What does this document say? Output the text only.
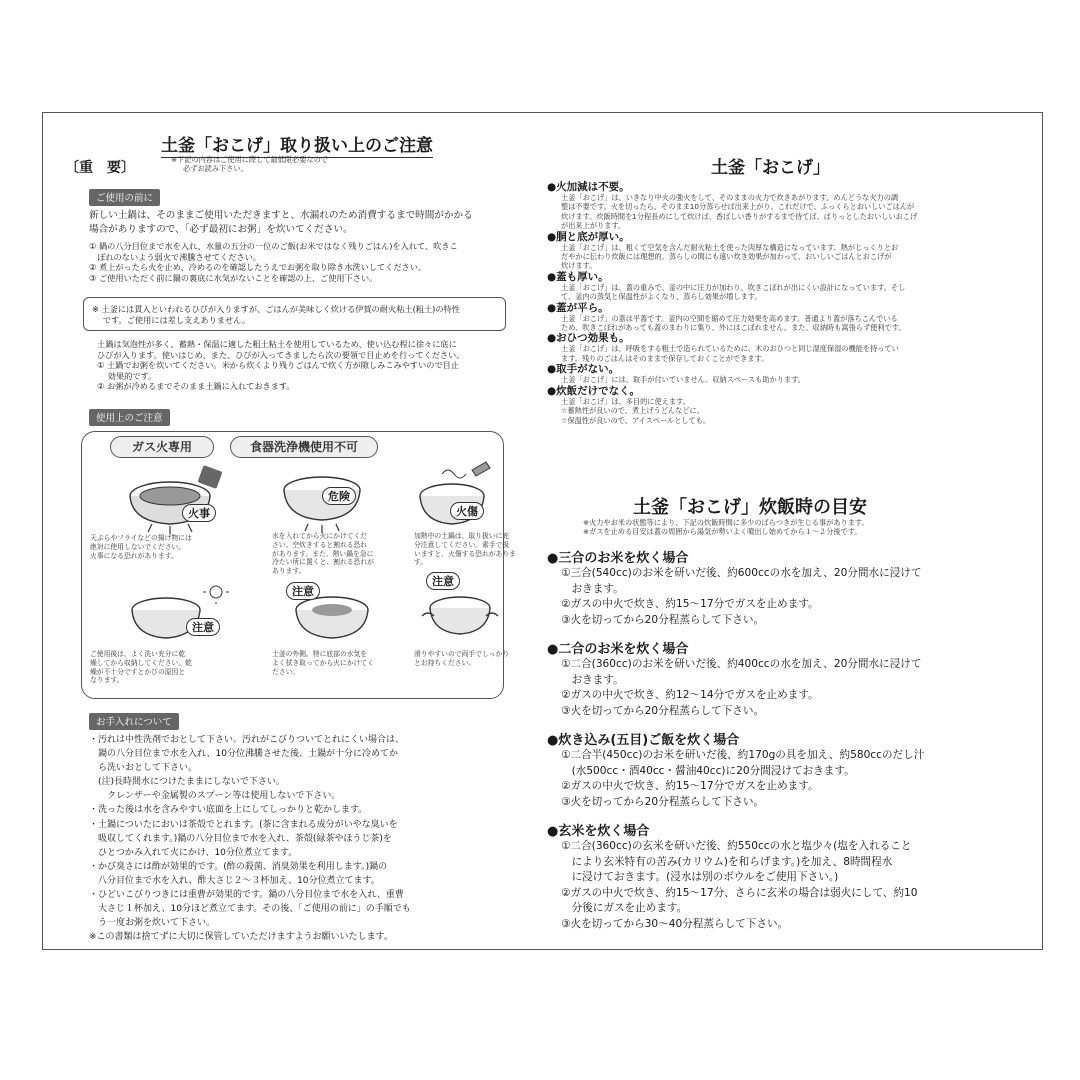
土釜「おこげ」取り扱い上のご注意
〔重　要〕
※下記の内容はご使用に際して最低限必要なので
必ずお読み下さい。
ご使用の前に
新しい土鍋は、そのままご使用いただきますと、水漏れのため消費するまで時間がかかる
場合がありますので、「必ず最初にお粥」を炊いてください。
① 鍋の八分目位まで水を入れ、水量の五分の一位のご飯(お米ではなく残りごはん)を入れて、吹きこ
　ぼれのないよう弱火で沸騰させてください。
② 煮上がったら火を止め、冷めるのを確認したうえでお粥を取り除き水洗いしてください。
③ ご使用いただく前に鍋の裏底に水気がないことを確認の上、ご使用下さい。
※ 土釜には貫入といわれるひびが入りますが、ごはんが美味しく炊ける伊賀の耐火粘土(粗土)の特性
　 です。ご使用には差し支えありません。
土鍋は気泡性が多く、蓄熱・保温に適した粗土粘土を使用しているため、使い込む程に徐々に底に
ひびが入ります。使いはじめ、また、ひびが入ってきましたら次の要領で目止めを行ってください。
① 土鍋でお粥を炊いてください。米から炊くより残りごはんで炊く方が隙しみこみやすいので目止
　 効果的です。
② お粥が冷めるまでそのまま土鍋に入れておきます。
使用上のご注意
ガス火専用	食器洗浄機使用不可
火事
危険
火傷
天ぷらやフライなどの揚げ物には
絶対に使用しないでください。
火事になる恐れがあります。
水を入れてから火にかけてくだ
さい。空炊きすると割れる恐れ
があります。また、熱い鍋を急に
冷たい所に置くと、割れる恐れが
あります。
加熱中の土鍋は、取り扱いに充
分注意してください。素手で扱
いますと、火傷する恐れがありま
す。
注意
注意
注意
ご使用後は、よく洗い充分に乾
燥してから収納してください。乾
燥が不十分ですとかびの原因と
なります。
土釜の外側、特に底部の水気を
よく拭き取ってから火にかけてく
ださい。
滑りやすいので両手でしっかり
とお持ちください。
お手入れについて
・汚れは中性洗剤でおとして下さい。汚れがこびりついてとれにくい場合は、
　鍋の八分目位まで水を入れ、10分位沸騰させた後、土鍋が十分に冷めてか
　ら洗いおとして下さい。
　(注)長時間水につけたままにしないで下さい。
　　クレンザーや金属製のスプーン等は使用しないで下さい。
・洗った後は水を含みやすい底面を上にしてしっかりと乾かします。
・土鍋についたにおいは茶殻でとれます。(茶に含まれる成分がいやな臭いを
　吸収してくれます。)鍋の八分目位まで水を入れ、茶殻(緑茶やほうじ茶)を
　ひとつかみ入れて火にかけ、10分位煮立てます。
・かび臭さには酢が効果的です。(酢の殺菌、消臭効果を利用します。)鍋の
　八分目位まで水を入れ、酢大さじ２～３杯加え、10分位煮立てます。
・ひどいこびりつきには重曹が効果的です。鍋の八分目位まで水を入れ、重曹
　大さじ１杯加え、10分ほど煮立てます。その後、「ご使用の前に」の手順でも
　う一度お粥を炊いて下さい。
※この書類は捨てずに大切に保管していただけますようお願いいたします。
土釜「おこげ」
●火加減は不要。
土釜「おこげ」は、いきなり中火の強火をして、そのままの火力で炊きあがります。めんどうな火力の調
整は不要です。火を切ったら、そのまま10分蒸らせば出来上がり。これだけで、ふっくらとおいしいごはんが
炊けます。炊飯時間を1分程長めにして炊けば、香ばしい香りがするまで待てば、ぱりっとしたおいしいおこげ
が出来上がります。
●胴と底が厚い。
土釜「おこげ」は、粗くて空気を含んだ耐火粘土を使った肉厚な構造になっています。熱がじっくりとお
だやかに伝わり炊飯には理想的。蒸らしの間にも遠い炊き効果が加わって、おいしいごはんとおこげが
炊けます。
●蓋も厚い。
土釜「おこげ」は、蓋の重みで、釜の中に圧力が加わり、吹きこぼれが出にくい設計になっています。そし
て、釜内の蒸気と保温性がよくなり、蒸らし効果が増します。
●蓋が平ら。
土釜「おこげ」の蓋は平蓋です。釜内の空間を縮めて圧力効果を高めます。普通より蓋が落ちこんでいる
ため、吹きこぼれがあっても蓋のまわりに集り、外にはこぼれません。また、収納時も嵩張らず便利です。
●おひつ効果も。
土釜「おこげ」は、呼吸をする粗土で造られているために、木のおひつと同じ湿度保湿の機能を持ってい
ます。残りのごはんはそのままで保存しておくことができます。
●取手がない。
土釜「おこげ」には、取手が付いていません。収納スペースも助かります。
●炊飯だけでなく。
土釜「おこげ」は、多目的に使えます。
☆蓄熱性が良いので、煮上げうどんなどに。
☆保温性が良いので、アイスペールとしても。
土釜「おこげ」炊飯時の目安
※火力やお米の状態等により、下記の炊飯時間に多少のばらつきが生じる事があります。
※ガスを止める目安は蓋の周囲から湯気が勢いよく噴出し始めてから１～２分後です。
●三合のお米を炊く場合
①三合(540cc)のお米を研いだ後、約600ccの水を加え、20分間水に浸けて
　おきます。
②ガスの中火で炊き、約15～17分でガスを止めます。
③火を切ってから20分程蒸らして下さい。
●二合のお米を炊く場合
①二合(360cc)のお米を研いだ後、約400ccの水を加え、20分間水に浸けて
　おきます。
②ガスの中火で炊き、約12～14分でガスを止めます。
③火を切ってから20分程蒸らして下さい。
●炊き込み(五目)ご飯を炊く場合
①二合半(450cc)のお米を研いだ後、約170gの具を加え、約580ccのだし汁
　(水500cc・酒40cc・醤油40cc)に20分間浸けておきます。
②ガスの中火で炊き、約15～17分でガスを止めます。
③火を切ってから20分程蒸らして下さい。
●玄米を炊く場合
①二合(360cc)の玄米を研いだ後、約550ccの水と塩少々(塩を入れること
　により玄米特有の苦み(カリウム)を和らげます。)を加え、8時間程水
　に浸けておきます。(浸水は別のボウルをご使用下さい。)
②ガスの中火で炊き、約15～17分、さらに玄米の場合は弱火にして、約10
　分後にガスを止めます。
③火を切ってから30～40分程蒸らして下さい。
